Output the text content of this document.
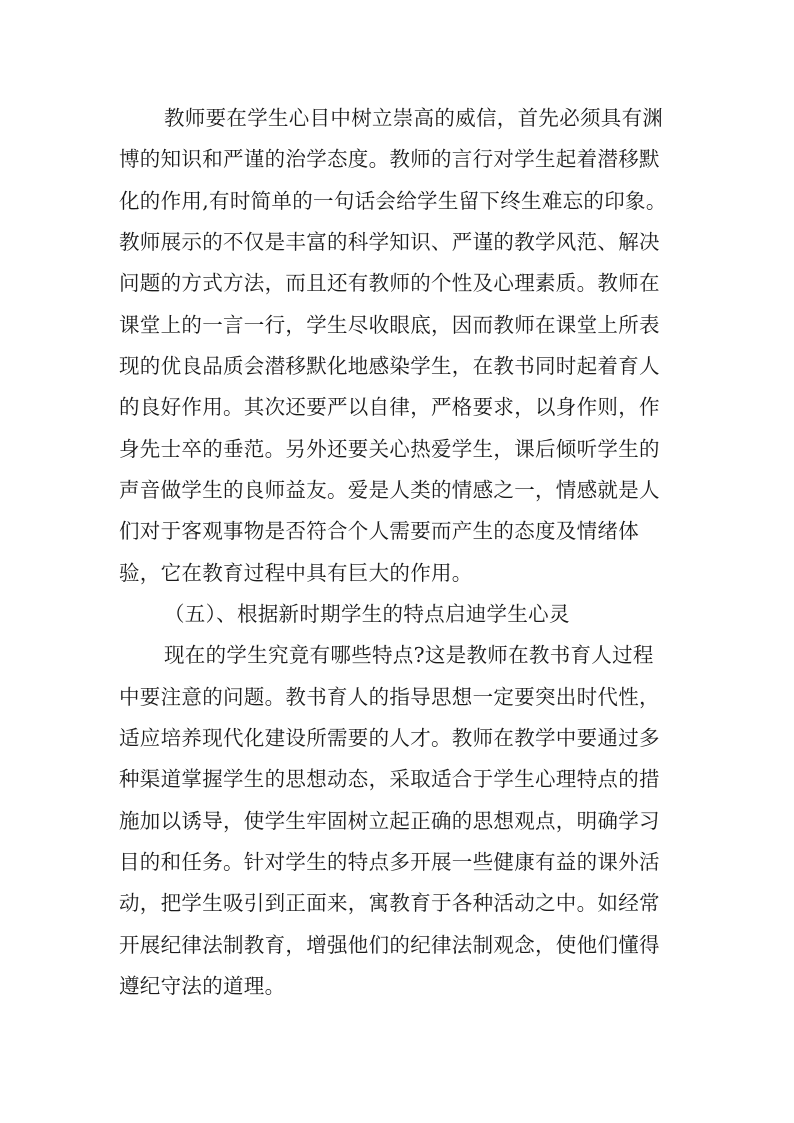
教师要在学生心目中树立崇高的威信，首先必须具有渊
博的知识和严谨的治学态度。教师的言行对学生起着潜移默
化的作用,有时简单的一句话会给学生留下终生难忘的印象。
教师展示的不仅是丰富的科学知识、严谨的教学风范、解决
问题的方式方法，而且还有教师的个性及心理素质。教师在
课堂上的一言一行，学生尽收眼底，因而教师在课堂上所表
现的优良品质会潜移默化地感染学生，在教书同时起着育人
的良好作用。其次还要严以自律，严格要求，以身作则，作
身先士卒的垂范。另外还要关心热爱学生，课后倾听学生的
声音做学生的良师益友。爱是人类的情感之一，情感就是人
们对于客观事物是否符合个人需要而产生的态度及情绪体
验，它在教育过程中具有巨大的作用。
（五）、根据新时期学生的特点启迪学生心灵
现在的学生究竟有哪些特点?这是教师在教书育人过程
中要注意的问题。教书育人的指导思想一定要突出时代性，
适应培养现代化建设所需要的人才。教师在教学中要通过多
种渠道掌握学生的思想动态，采取适合于学生心理特点的措
施加以诱导，使学生牢固树立起正确的思想观点，明确学习
目的和任务。针对学生的特点多开展一些健康有益的课外活
动，把学生吸引到正面来，寓教育于各种活动之中。如经常
开展纪律法制教育，增强他们的纪律法制观念，使他们懂得
遵纪守法的道理。
